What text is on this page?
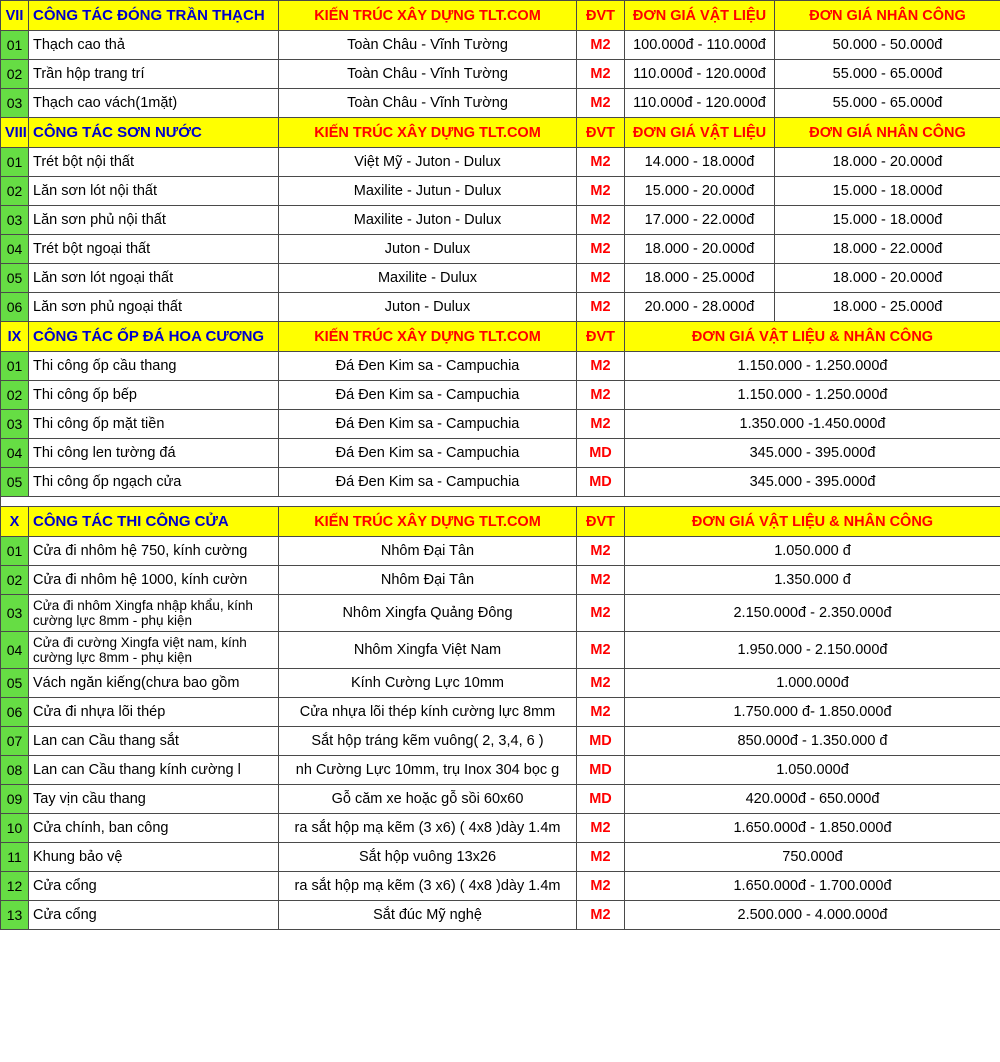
VII	CÔNG TÁC ĐÓNG TRẦN THẠCH	KIẾN TRÚC XÂY DỰNG TLT.COM	ĐVT	ĐƠN GIÁ VẬT LIỆU	ĐƠN GIÁ NHÂN CÔNG
01	Thạch cao thả	Toàn Châu - Vĩnh Tường	M2	100.000đ - 110.000đ	50.000 - 50.000đ
02	Trần hộp trang trí	Toàn Châu - Vĩnh Tường	M2	110.000đ - 120.000đ	55.000 - 65.000đ
03	Thạch cao vách(1mặt)	Toàn Châu - Vĩnh Tường	M2	110.000đ - 120.000đ	55.000 - 65.000đ
VIII	CÔNG TÁC SƠN NƯỚC	KIẾN TRÚC XÂY DỰNG TLT.COM	ĐVT	ĐƠN GIÁ VẬT LIỆU	ĐƠN GIÁ NHÂN CÔNG
01	Trét bột nội thất	Việt Mỹ - Juton - Dulux	M2	14.000 - 18.000đ	18.000 - 20.000đ
02	Lăn sơn lót nội thất	Maxilite - Jutun - Dulux	M2	15.000 - 20.000đ	15.000 - 18.000đ
03	Lăn sơn phủ nội thất	Maxilite - Juton - Dulux	M2	17.000 - 22.000đ	15.000 - 18.000đ
04	Trét bột ngoại thất	Juton - Dulux	M2	18.000 - 20.000đ	18.000 - 22.000đ
05	Lăn sơn lót ngoại thất	Maxilite - Dulux	M2	18.000 - 25.000đ	18.000 - 20.000đ
06	Lăn sơn phủ ngoại thất	Juton - Dulux	M2	20.000 - 28.000đ	18.000 - 25.000đ
IX	CÔNG TÁC ỐP ĐÁ HOA CƯƠNG	KIẾN TRÚC XÂY DỰNG TLT.COM	ĐVT	ĐƠN GIÁ VẬT LIỆU & NHÂN CÔNG	
01	Thi công ốp cầu thang	Đá Đen Kim sa - Campuchia	M2	1.150.000 - 1.250.000đ	
02	Thi công ốp bếp	Đá Đen Kim sa - Campuchia	M2	1.150.000 - 1.250.000đ	
03	Thi công ốp mặt tiền	Đá Đen Kim sa - Campuchia	M2	1.350.000 -1.450.000đ	
04	Thi công len tường đá	Đá Đen Kim sa - Campuchia	MD	345.000 - 395.000đ	
05	Thi công ốp ngạch cửa	Đá Đen Kim sa - Campuchia	MD	345.000 - 395.000đ	

X	CÔNG TÁC THI CÔNG CỬA	KIẾN TRÚC XÂY DỰNG TLT.COM	ĐVT	ĐƠN GIÁ VẬT LIỆU & NHÂN CÔNG	
01	Cửa đi nhôm hệ 750, kính cường	Nhôm Đại Tân	M2	1.050.000 đ	
02	Cửa đi nhôm hệ 1000, kính cườn	Nhôm Đại Tân	M2	1.350.000 đ	
03	Cửa đi nhôm Xingfa nhập khẩu, kính cường lực 8mm - phụ kiện	Nhôm Xingfa Quảng Đông	M2	2.150.000đ - 2.350.000đ	
04	Cửa đi cường Xingfa việt nam, kính cường lực 8mm - phụ kiện	Nhôm Xingfa Việt Nam	M2	1.950.000 - 2.150.000đ	
05	Vách ngăn kiếng(chưa bao gồm	Kính Cường Lực 10mm	M2	1.000.000đ	
06	Cửa đi nhựa lõi thép	Cửa nhựa lõi thép kính cường lực 8mm	M2	1.750.000 đ- 1.850.000đ	
07	Lan can Cầu thang sắt	Sắt hộp tráng kẽm vuông( 2, 3,4, 6 )	MD	850.000đ - 1.350.000 đ	
08	Lan can Cầu thang kính cường l	nh Cường Lực 10mm, trụ Inox 304 bọc g	MD	1.050.000đ	
09	Tay vịn cầu thang	Gỗ căm xe hoặc gỗ sồi 60x60	MD	420.000đ - 650.000đ	
10	Cửa chính, ban công	ra sắt hộp mạ kẽm (3 x6) ( 4x8 )dày 1.4m	M2	1.650.000đ - 1.850.000đ	
11	Khung bảo vệ	Sắt hộp vuông 13x26	M2	750.000đ	
12	Cửa cổng	ra sắt hộp mạ kẽm (3 x6) ( 4x8 )dày 1.4m	M2	1.650.000đ - 1.700.000đ	
13	Cửa cổng	Sắt đúc Mỹ nghệ	M2	2.500.000 - 4.000.000đ	
